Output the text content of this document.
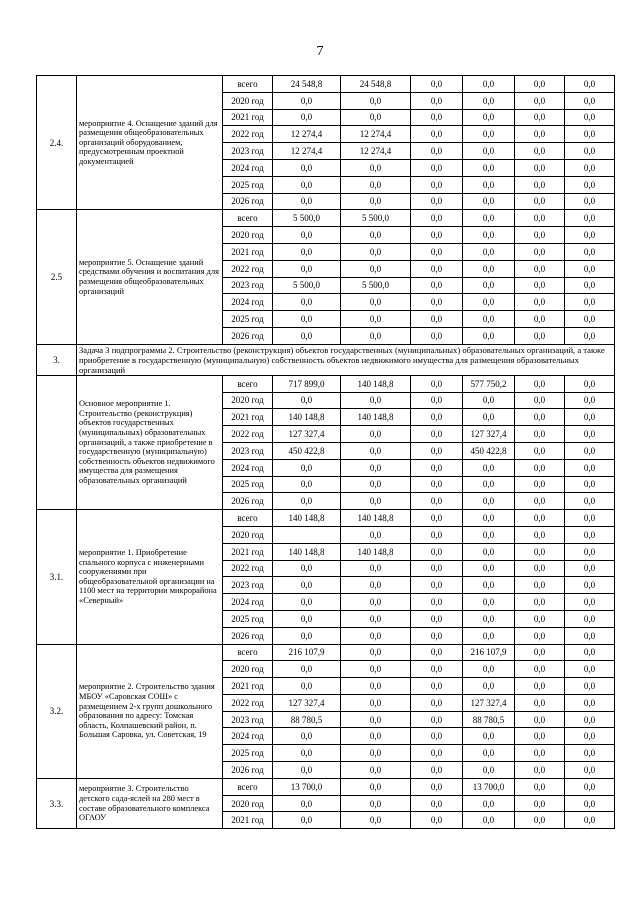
7
2.4.	мероприятие 4. Оснащение зданий для размещения общеобразовательных организаций оборудованием, предусмотренным проектной документацией	всего	24 548,8	24 548,8	0,0	0,0	0,0	0,0
		2020 год	0,0	0,0	0,0	0,0	0,0	0,0
		2021 год	0,0	0,0	0,0	0,0	0,0	0,0
		2022 год	12 274,4	12 274,4	0,0	0,0	0,0	0,0
		2023 год	12 274,4	12 274,4	0,0	0,0	0,0	0,0
		2024 год	0,0	0,0	0,0	0,0	0,0	0,0
		2025 год	0,0	0,0	0,0	0,0	0,0	0,0
		2026 год	0,0	0,0	0,0	0,0	0,0	0,0
2.5	мероприятие 5. Оснащение зданий средствами обучения и воспитания для размещения общеобразовательных организаций	всего	5 500,0	5 500,0	0,0	0,0	0,0	0,0
		2020 год	0,0	0,0	0,0	0,0	0,0	0,0
		2021 год	0,0	0,0	0,0	0,0	0,0	0,0
		2022 год	0,0	0,0	0,0	0,0	0,0	0,0
		2023 год	5 500,0	5 500,0	0,0	0,0	0,0	0,0
		2024 год	0,0	0,0	0,0	0,0	0,0	0,0
		2025 год	0,0	0,0	0,0	0,0	0,0	0,0
		2026 год	0,0	0,0	0,0	0,0	0,0	0,0
3.	Задача 3 подпрограммы 2. Строительство (реконструкция) объектов государственных (муниципальных) образовательных организаций, а также приобретение в государственную (муниципальную) собственность объектов недвижимого имущества для размещения образовательных организаций							
	Основное мероприятие 1. Строительство (реконструкция) объектов государственных (муниципальных) образовательных организаций, а также приобретение в государственную (муниципальную) собственность объектов недвижимого имущества для размещения образовательных организаций	всего	717 899,0	140 148,8	0,0	577 750,2	0,0	0,0
		2020 год	0,0	0,0	0,0	0,0	0,0	0,0
		2021 год	140 148,8	140 148,8	0,0	0,0	0,0	0,0
		2022 год	127 327,4	0,0	0,0	127 327,4	0,0	0,0
		2023 год	450 422,8	0,0	0,0	450 422,8	0,0	0,0
		2024 год	0,0	0,0	0,0	0,0	0,0	0,0
		2025 год	0,0	0,0	0,0	0,0	0,0	0,0
		2026 год	0,0	0,0	0,0	0,0	0,0	0,0
3.1.	мероприятие 1. Приобретение спального корпуса с инженерными сооружениями при общеобразовательной организации на 1100 мест на территории микрорайона «Северный»	всего	140 148,8	140 148,8	0,0	0,0	0,0	0,0
		2020 год		0,0	0,0	0,0	0,0	0,0
		2021 год	140 148,8	140 148,8	0,0	0,0	0,0	0,0
		2022 год	0,0	0,0	0,0	0,0	0,0	0,0
		2023 год	0,0	0,0	0,0	0,0	0,0	0,0
		2024 год	0,0	0,0	0,0	0,0	0,0	0,0
		2025 год	0,0	0,0	0,0	0,0	0,0	0,0
		2026 год	0,0	0,0	0,0	0,0	0,0	0,0
3.2.	мероприятие 2. Строительство здания МБОУ «Саровская СОШ» с размещением 2-х групп дошкольного образования по адресу: Томская область, Колпашевский район, п. Большая Саровка, ул. Советская, 19	всего	216 107,9	0,0	0,0	216 107,9	0,0	0,0
		2020 год	0,0	0,0	0,0	0,0	0,0	0,0
		2021 год	0,0	0,0	0,0	0,0	0,0	0,0
		2022 год	127 327,4	0,0	0,0	127 327,4	0,0	0,0
		2023 год	88 780,5	0,0	0,0	88 780,5	0,0	0,0
		2024 год	0,0	0,0	0,0	0,0	0,0	0,0
		2025 год	0,0	0,0	0,0	0,0	0,0	0,0
		2026 год	0,0	0,0	0,0	0,0	0,0	0,0
3.3.	мероприятие 3. Строительство детского сада-яслей на 280 мест в составе образовательного комплекса ОГАОУ	всего	13 700,0	0,0	0,0	13 700,0	0,0	0,0
		2020 год	0,0	0,0	0,0	0,0	0,0	0,0
		2021 год	0,0	0,0	0,0	0,0	0,0	0,0
